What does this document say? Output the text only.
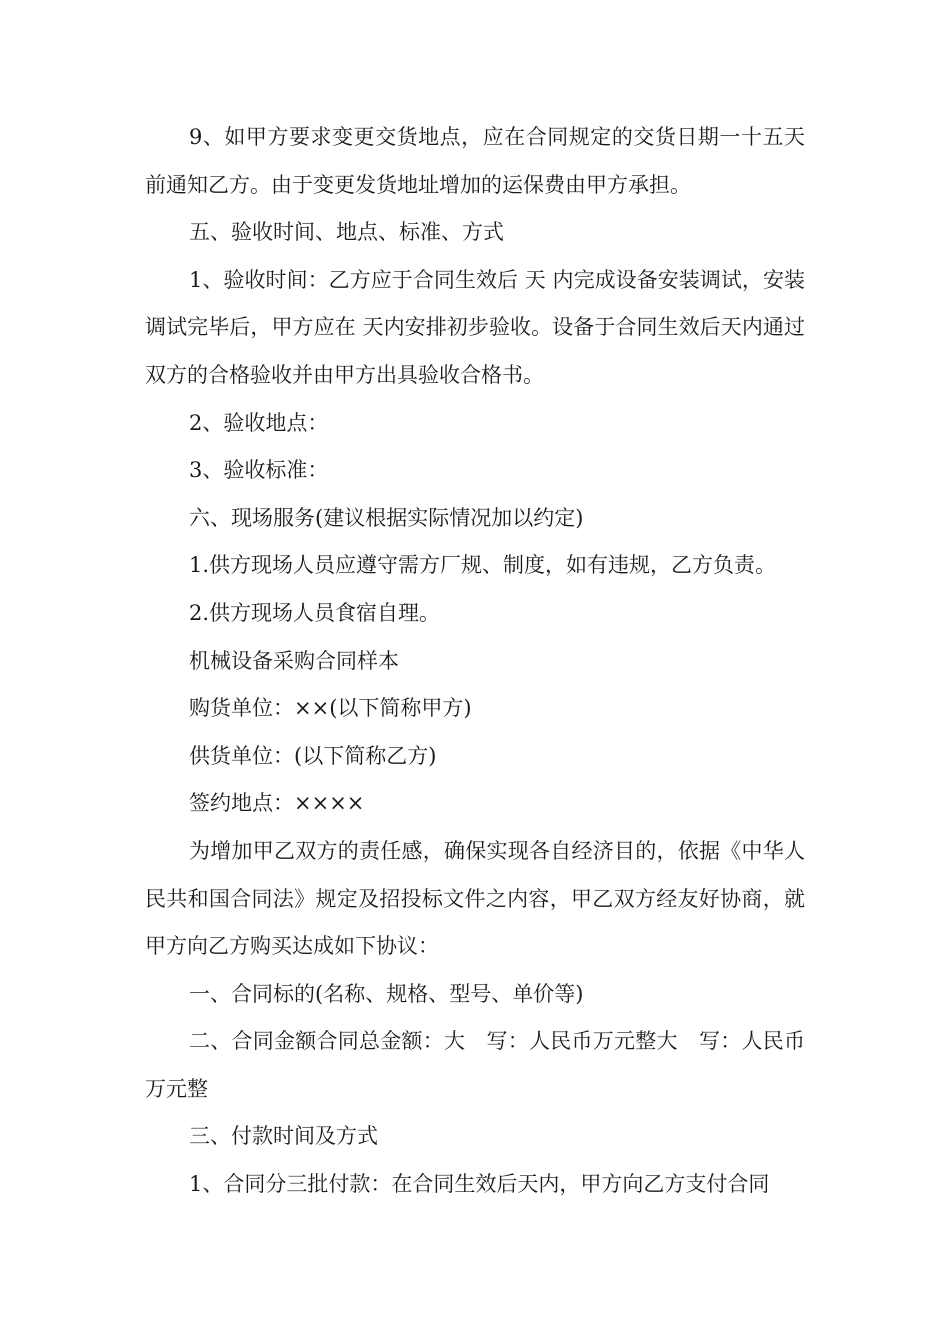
9、如甲方要求变更交货地点，应在合同规定的交货日期一十五天前通知乙方。由于变更发货地址增加的运保费由甲方承担。

五、验收时间、地点、标准、方式

1、验收时间：乙方应于合同生效后 天 内完成设备安装调试，安装调试完毕后，甲方应在 天内安排初步验收。设备于合同生效后天内通过双方的合格验收并由甲方出具验收合格书。

2、验收地点：

3、验收标准：

六、现场服务(建议根据实际情况加以约定)

1.供方现场人员应遵守需方厂规、制度，如有违规，乙方负责。

2.供方现场人员食宿自理。

机械设备采购合同样本

购货单位：××(以下简称甲方)

供货单位：(以下简称乙方)

签约地点：××××

为增加甲乙双方的责任感，确保实现各自经济目的，依据《中华人民共和国合同法》规定及招投标文件之内容，甲乙双方经友好协商，就甲方向乙方购买达成如下协议：

一、合同标的(名称、规格、型号、单价等)

二、合同金额合同总金额：大　写：人民币万元整大　写：人民币万元整

三、付款时间及方式

1、合同分三批付款：在合同生效后天内，甲方向乙方支付合同
